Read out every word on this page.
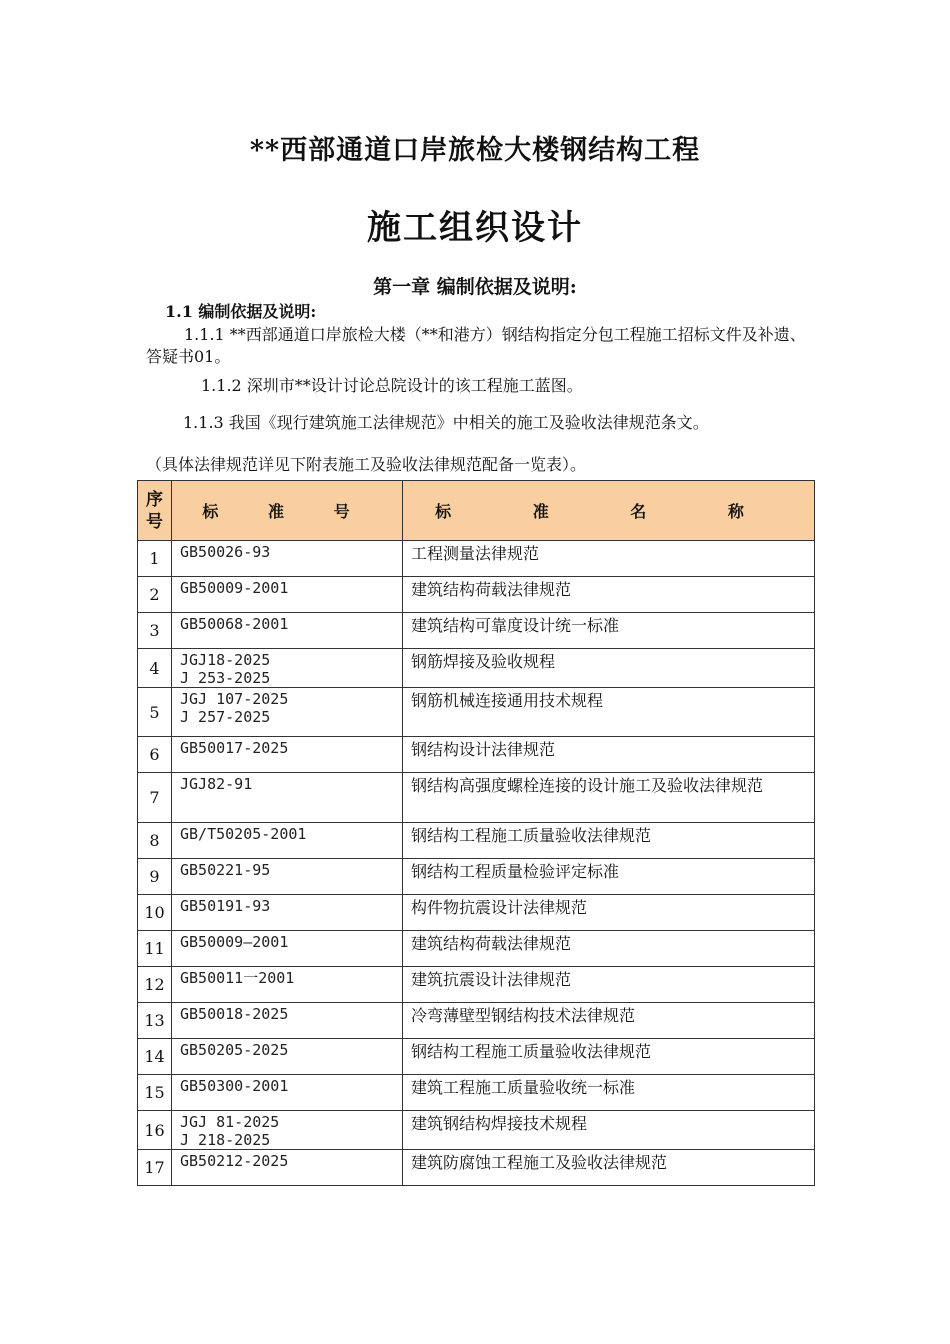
**西部通道口岸旅检大楼钢结构工程
施工组织设计
第一章 编制依据及说明:
1.1 编制依据及说明:
1.1.1 **西部通道口岸旅检大楼（**和港方）钢结构指定分包工程施工招标文件及补遗、答疑书01。
1.1.2 深圳市**设计讨论总院设计的该工程施工蓝图。
1.1.3 我国《现行建筑施工法律规范》中相关的施工及验收法律规范条文。
（具体法律规范详见下附表施工及验收法律规范配备一览表）。
序
号	标 准 号	标 准 名 称
1	GB50026-93	工程测量法律规范
2	GB50009-2001	建筑结构荷载法律规范
3	GB50068-2001	建筑结构可靠度设计统一标准
4	JGJ18-2025
J 253-2025	钢筋焊接及验收规程
5	JGJ 107-2025
J 257-2025	钢筋机械连接通用技术规程
6	GB50017-2025	钢结构设计法律规范
7	JGJ82-91	钢结构高强度螺栓连接的设计施工及验收法律规范
8	GB/T50205-2001	钢结构工程施工质量验收法律规范
9	GB50221-95	钢结构工程质量检验评定标准
10	GB50191-93	构件物抗震设计法律规范
11	GB50009—2001	建筑结构荷载法律规范
12	GB50011一2001	建筑抗震设计法律规范
13	GB50018-2025	冷弯薄壁型钢结构技术法律规范
14	GB50205-2025	钢结构工程施工质量验收法律规范
15	GB50300-2001	建筑工程施工质量验收统一标准
16	JGJ 81-2025
J 218-2025	建筑钢结构焊接技术规程
17	GB50212-2025	建筑防腐蚀工程施工及验收法律规范
